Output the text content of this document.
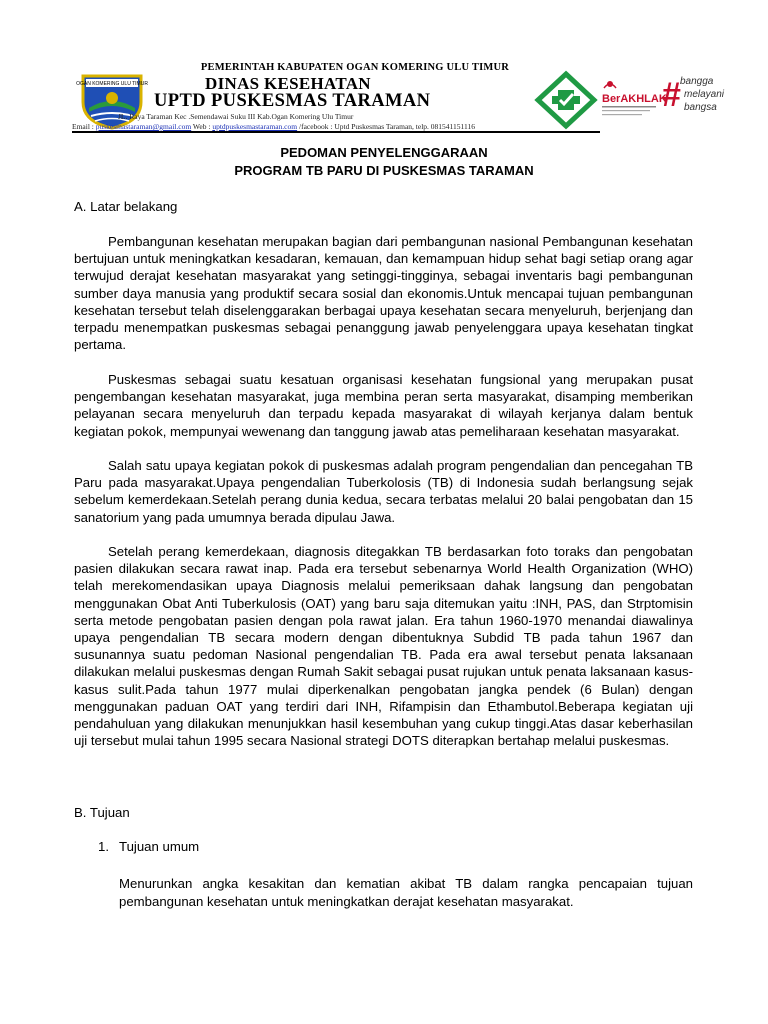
OGAN KOMERING ULU TIMUR
PEMERINTAH KABUPATEN OGAN KOMERING ULU TIMUR
DINAS KESEHATAN
UPTD PUSKESMAS TARAMAN
JL. Raya Taraman Kec .Semendawai Suku III Kab.Ogan Komering Ulu Timur
Email : puskesmastaraman@gmail.com Web : uptdpuskesmastaraman.com /facebook : Uptd Puskesmas Taraman, telp. 081541151116
BerAKHLAK
# bangga
melayani
bangsa
PEDOMAN PENYELENGGARAAN
PROGRAM TB PARU DI PUSKESMAS TARAMAN
A. Latar belakang
Pembangunan kesehatan merupakan bagian dari pembangunan nasional Pembangunan kesehatan bertujuan untuk meningkatkan kesadaran, kemauan, dan kemampuan hidup sehat bagi setiap orang agar terwujud derajat kesehatan masyarakat yang setinggi-tingginya, sebagai inventaris bagi pembangunan sumber daya manusia yang produktif secara sosial dan ekonomis.Untuk mencapai tujuan pembangunan kesehatan tersebut telah diselenggarakan berbagai upaya kesehatan secara menyeluruh, berjenjang dan terpadu menempatkan puskesmas sebagai penanggung jawab penyelenggara upaya kesehatan tingkat pertama.
Puskesmas sebagai suatu kesatuan organisasi kesehatan fungsional yang merupakan pusat pengembangan kesehatan masyarakat, juga membina peran serta masyarakat, disamping memberikan pelayanan secara menyeluruh dan terpadu kepada masyarakat di wilayah kerjanya dalam bentuk kegiatan pokok, mempunyai wewenang dan tanggung jawab atas pemeliharaan kesehatan masyarakat.
Salah satu upaya kegiatan pokok di puskesmas adalah program pengendalian dan pencegahan TB Paru pada masyarakat.Upaya pengendalian Tuberkolosis (TB) di Indonesia sudah berlangsung sejak sebelum kemerdekaan.Setelah perang dunia kedua, secara terbatas melalui 20 balai pengobatan dan 15 sanatorium yang pada umumnya berada dipulau Jawa.
Setelah perang kemerdekaan, diagnosis ditegakkan TB berdasarkan foto toraks dan pengobatan pasien dilakukan secara rawat inap. Pada era tersebut sebenarnya World Health Organization (WHO) telah merekomendasikan upaya Diagnosis melalui pemeriksaan dahak langsung dan pengobatan menggunakan Obat Anti Tuberkulosis (OAT) yang baru saja ditemukan yaitu :INH, PAS, dan Strptomisin serta metode pengobatan pasien dengan pola rawat jalan. Era tahun 1960-1970 menandai diawalinya upaya pengendalian TB secara modern dengan dibentuknya Subdid TB pada tahun 1967 dan susunannya suatu pedoman Nasional pengendalian TB. Pada era awal tersebut penata laksanaan dilakukan melalui puskesmas dengan Rumah Sakit sebagai pusat rujukan untuk penata laksanaan kasus-kasus sulit.Pada tahun 1977 mulai diperkenalkan pengobatan jangka pendek (6 Bulan) dengan menggunakan paduan OAT yang terdiri dari INH, Rifampisin dan Ethambutol.Beberapa kegiatan uji pendahuluan yang dilakukan menunjukkan hasil kesembuhan yang cukup tinggi.Atas dasar keberhasilan uji tersebut mulai tahun 1995 secara Nasional strategi DOTS diterapkan bertahap melalui puskesmas.
B. Tujuan
1. Tujuan umum
Menurunkan angka kesakitan dan kematian akibat TB dalam rangka pencapaian tujuan pembangunan kesehatan untuk meningkatkan derajat kesehatan masyarakat.
